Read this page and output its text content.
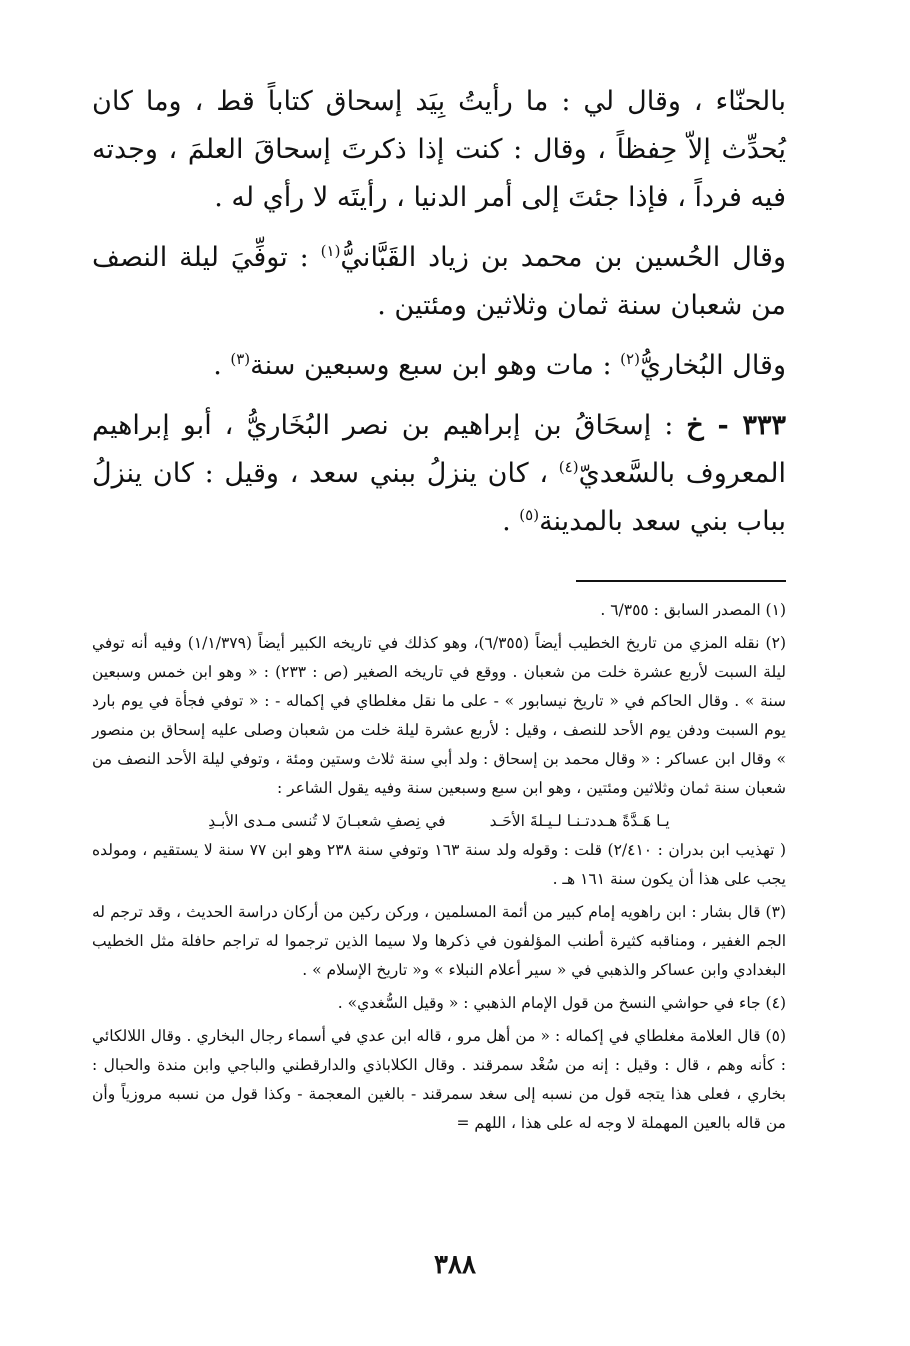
بالحنّاء ، وقال لي : ما رأيتُ بِيَد إسحاق كتاباً قط ، وما كان يُحدِّث إلاّ حِفظاً ، وقال : كنت إذا ذكرتَ إسحاقَ العلمَ ، وجدته فيه فرداً ، فإذا جئتَ إلى أمر الدنيا ، رأيتَه لا رأي له .

وقال الحُسين بن محمد بن زياد القَبَّانيُّ$^{(١)}$ : توفِّيَ ليلة النصف من شعبان سنة ثمان وثلاثين ومئتين .

وقال البُخاريُّ$^{(٢)}$ : مات وهو ابن سبع وسبعين سنة$^{(٣)}$ .

٣٣٣ - خ : إسحَاقُ بن إبراهيم بن نصر البُخَاريُّ ، أبو إبراهيم المعروف بالسَّعديّ$^{(٤)}$ ، كان ينزلُ ببني سعد ، وقيل : كان ينزلُ بباب بني سعد بالمدينة$^{(٥)}$ .

(١) المصدر السابق : ٦/٣٥٥ .

(٢) نقله المزي من تاريخ الخطيب أيضاً (٦/٣٥٥)، وهو كذلك في تاريخه الكبير أيضاً (١/١/٣٧٩) وفيه أنه توفي ليلة السبت لأربع عشرة خلت من شعبان . ووقع في تاريخه الصغير (ص : ٢٣٣) : « وهو ابن خمس وسبعين سنة » . وقال الحاكم في « تاريخ نيسابور » - على ما نقل مغلطاي في إكماله - : « توفي فجأة في يوم بارد يوم السبت ودفن يوم الأحد للنصف ، وقيل : لأربع عشرة ليلة خلت من شعبان وصلى عليه إسحاق بن منصور » وقال ابن عساكر : « وقال محمد بن إسحاق : ولد أبي سنة ثلاث وستين ومئة ، وتوفي ليلة الأحد النصف من شعبان سنة ثمان وثلاثين ومئتين ، وهو ابن سبع وسبعين سنة وفيه يقول الشاعر :

يـا هَـدَّةً هـددتـنـا لـيـلةَ الأحَـدفي نِصفِ شعبـانَ لا تُنسى مـدى الأبـدِ

( تهذيب ابن بدران : ٢/٤١٠) قلت : وقوله ولد سنة ١٦٣ وتوفي سنة ٢٣٨ وهو ابن ٧٧ سنة لا يستقيم ، ومولده يجب على هذا أن يكون سنة ١٦١ هـ .

(٣) قال بشار : ابن راهويه إمام كبير من أئمة المسلمين ، وركن ركين من أركان دراسة الحديث ، وقد ترجم له الجم الغفير ، ومناقبه كثيرة أطنب المؤلفون في ذكرها ولا سيما الذين ترجموا له تراجم حافلة مثل الخطيب البغدادي وابن عساكر والذهبي في « سير أعلام النبلاء » و« تاريخ الإسلام » .

(٤) جاء في حواشي النسخ من قول الإمام الذهبي : « وقيل السُّغدي» .

(٥) قال العلامة مغلطاي في إكماله : « من أهل مرو ، قاله ابن عدي في أسماء رجال البخاري . وقال اللالكائي : كأنه وهم ، قال : وقيل : إنه من سُغْد سمرقند . وقال الكلاباذي والدارقطني والباجي وابن مندة والحبال : بخاري ، فعلى هذا يتجه قول من نسبه إلى سغد سمرقند - بالغين المعجمة - وكذا قول من نسبه مروزياً وأن من قاله بالعين المهملة لا وجه له على هذا ، اللهم =

٣٨٨
